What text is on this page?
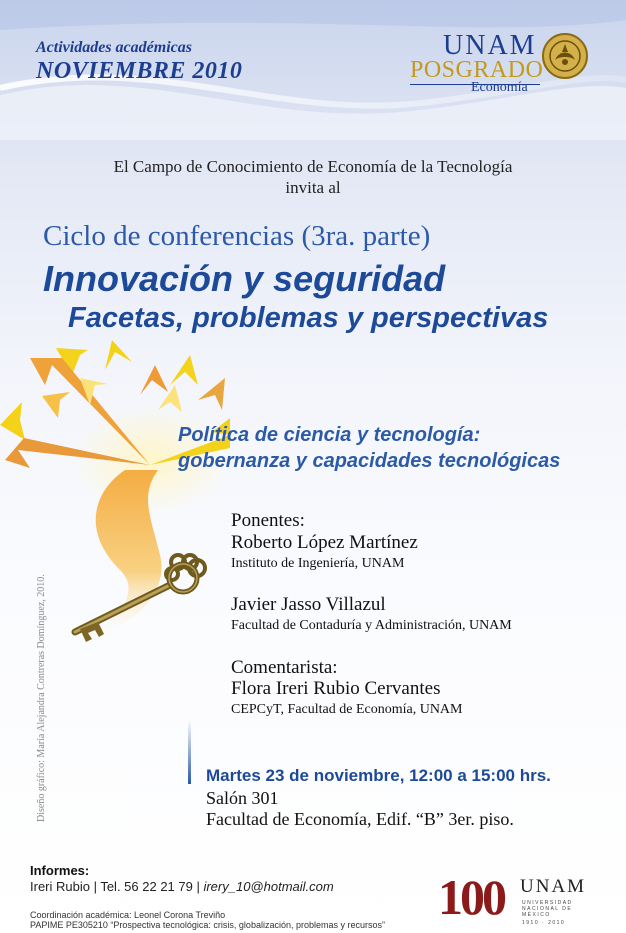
Actividades académicas

NOVIEMBRE 2010

UNAM
POSGRADO
Economía

El Campo de Conocimiento de Economía de la Tecnología

invita al

Ciclo de conferencias (3ra. parte)

Innovación y seguridad

Facetas, problemas y perspectivas

Política de ciencia y tecnología:

gobernanza y capacidades tecnológicas

Ponentes:

Roberto López Martínez

Instituto de Ingeniería, UNAM

Javier Jasso Villazul

Facultad de Contaduría y Administración, UNAM

Comentarista:

Flora Ireri Rubio Cervantes

CEPCyT, Facultad de Economía, UNAM

Martes 23 de noviembre, 12:00 a 15:00 hrs.

Salón 301

Facultad de Economía, Edif. “B” 3er. piso.

Diseño gráfico: María Alejandra Contreras Domínguez, 2010.

Informes:

Ireri Rubio | Tel. 56 22 21 79 | irery_10@hotmail.com

Coordinación académica: Leonel Corona Treviño

PAPIME PE305210 “Prospectiva tecnológica: crisis, globalización, problemas y recursos” 100 UNAM
UNIVERSIDAD NACIONAL DE MÉXICO
1910 · 2010
